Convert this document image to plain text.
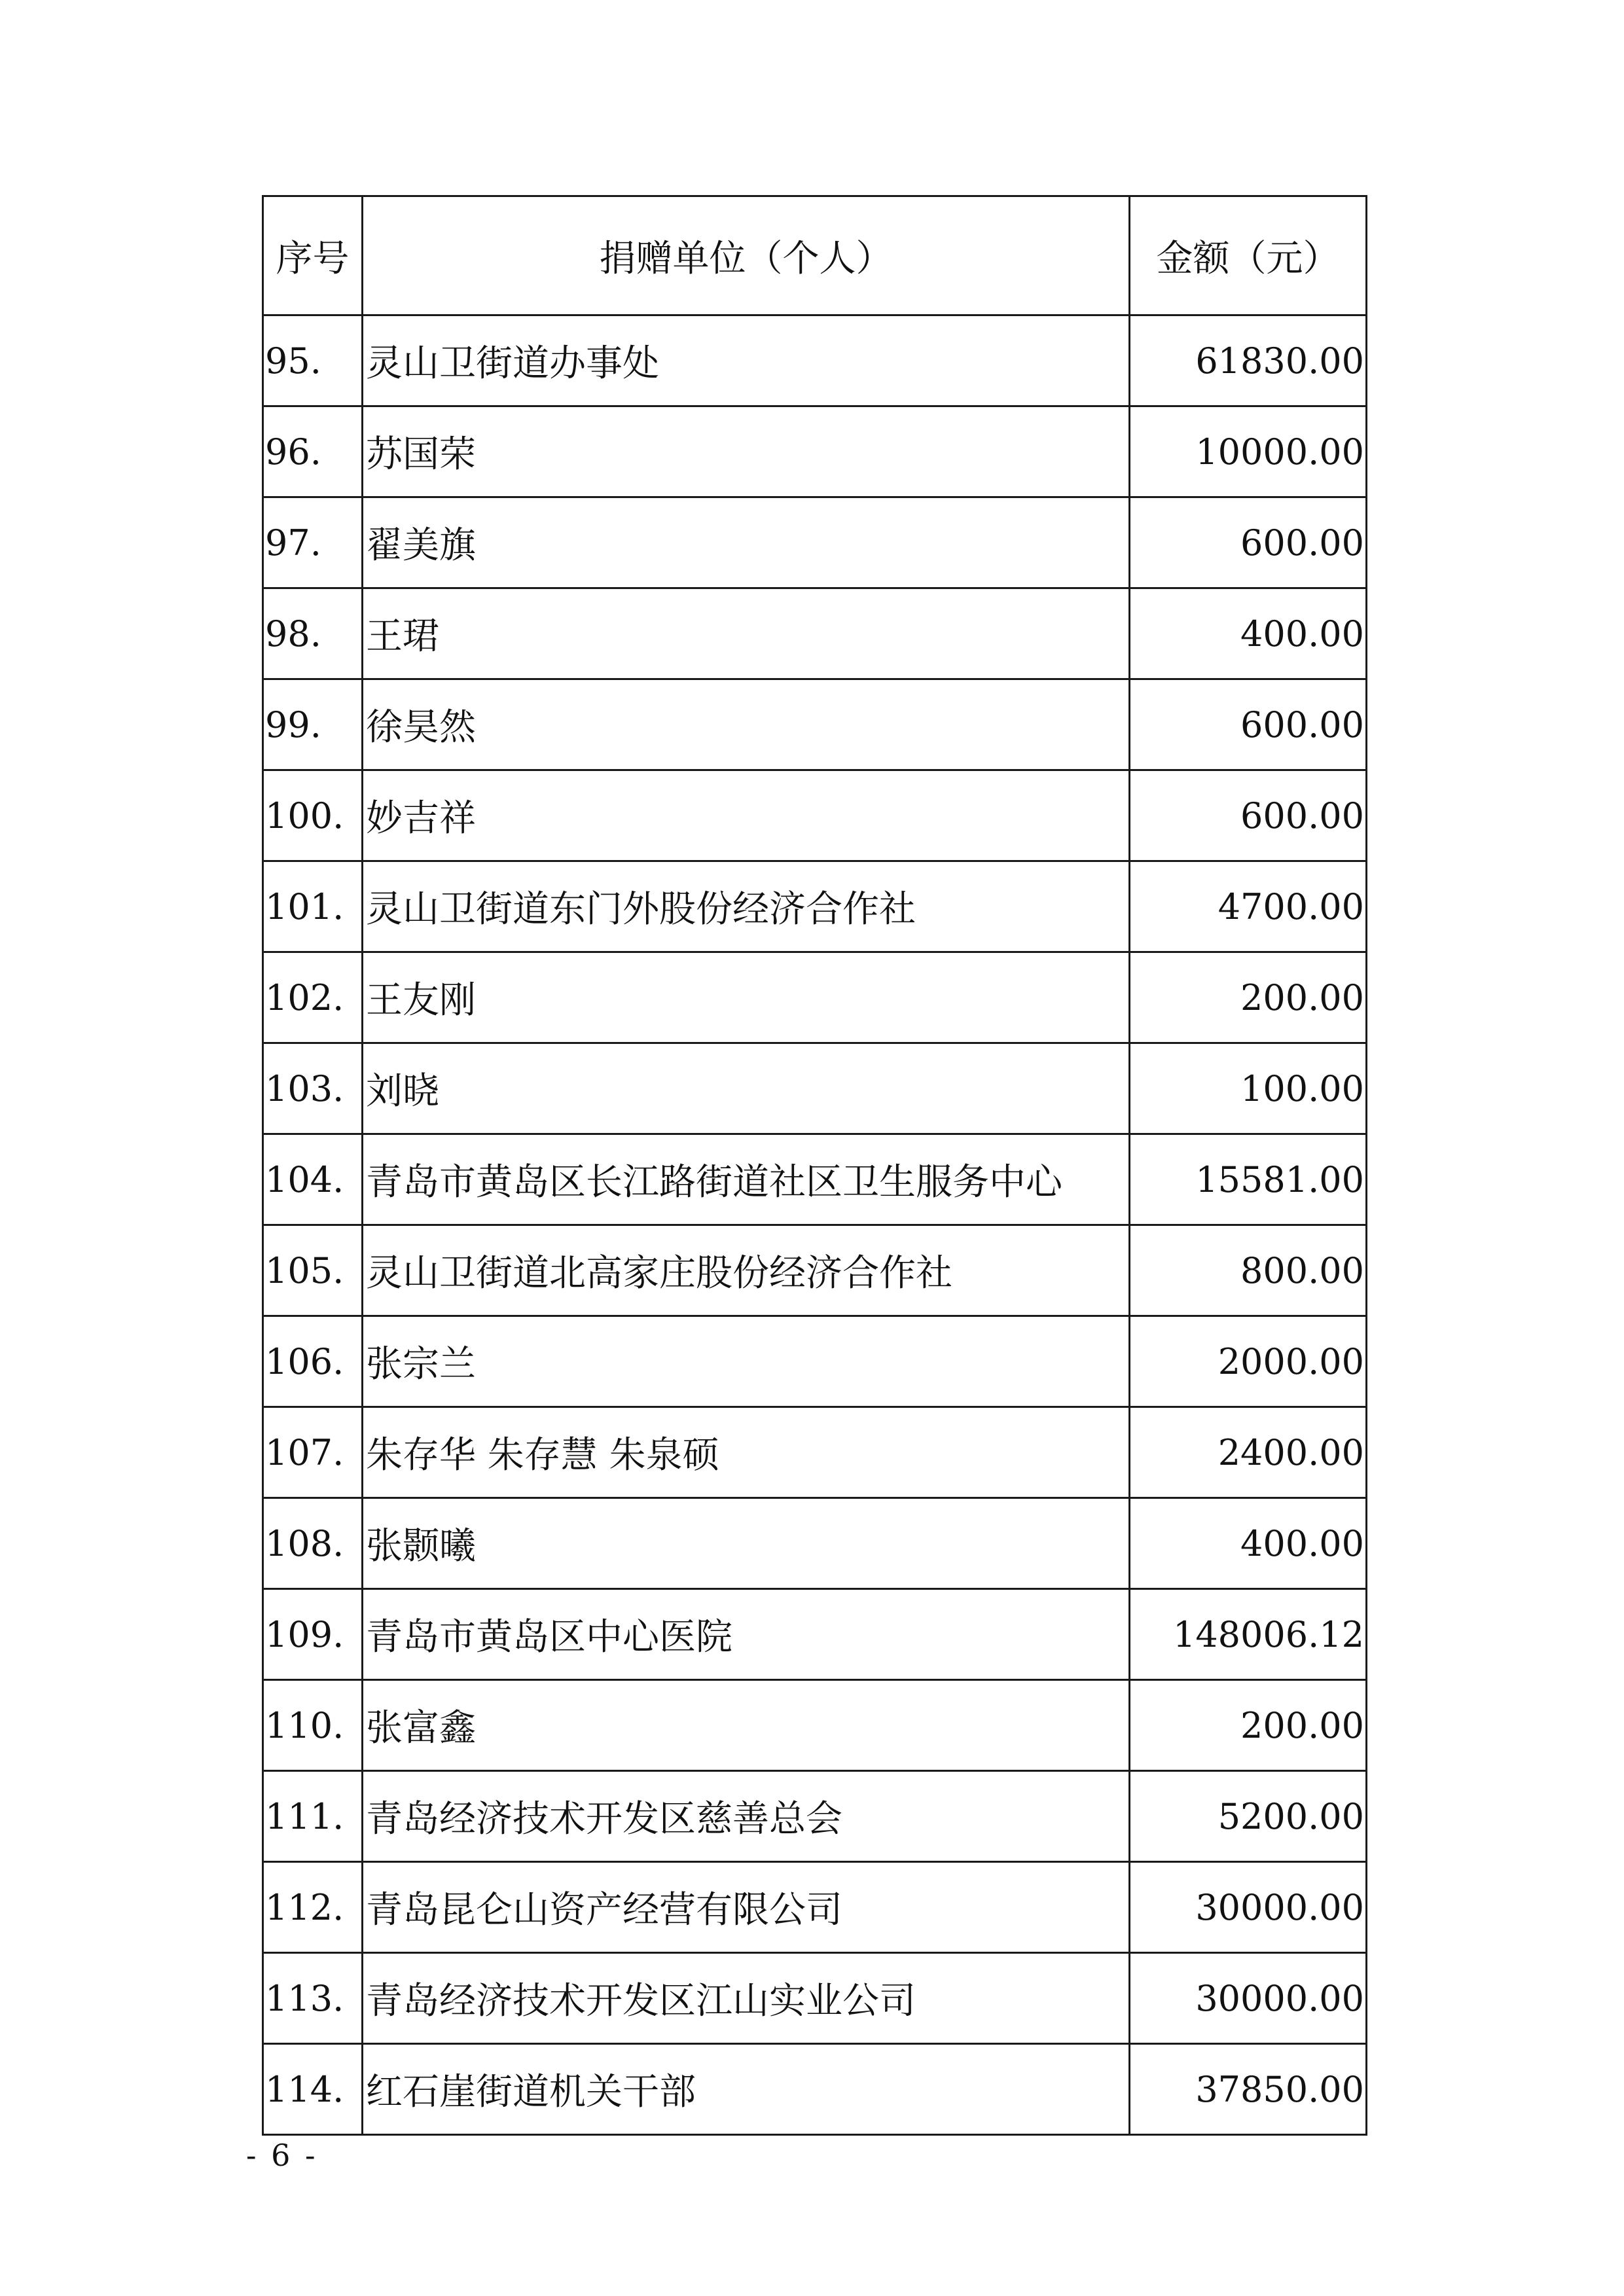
序号	捐赠单位（个人）	金额（元）
95.	灵山卫街道办事处	61830.00
96.	苏国荣	10000.00
97.	翟美旗	600.00
98.	王珺	400.00
99.	徐昊然	600.00
100.	妙吉祥	600.00
101.	灵山卫街道东门外股份经济合作社	4700.00
102.	王友刚	200.00
103.	刘晓	100.00
104.	青岛市黄岛区长江路街道社区卫生服务中心	15581.00
105.	灵山卫街道北高家庄股份经济合作社	800.00
106.	张宗兰	2000.00
107.	朱存华 朱存慧 朱泉硕	2400.00
108.	张颢曦	400.00
109.	青岛市黄岛区中心医院	148006.12
110.	张富鑫	200.00
111.	青岛经济技术开发区慈善总会	5200.00
112.	青岛昆仑山资产经营有限公司	30000.00
113.	青岛经济技术开发区江山实业公司	30000.00
114.	红石崖街道机关干部	37850.00
- 6 -
